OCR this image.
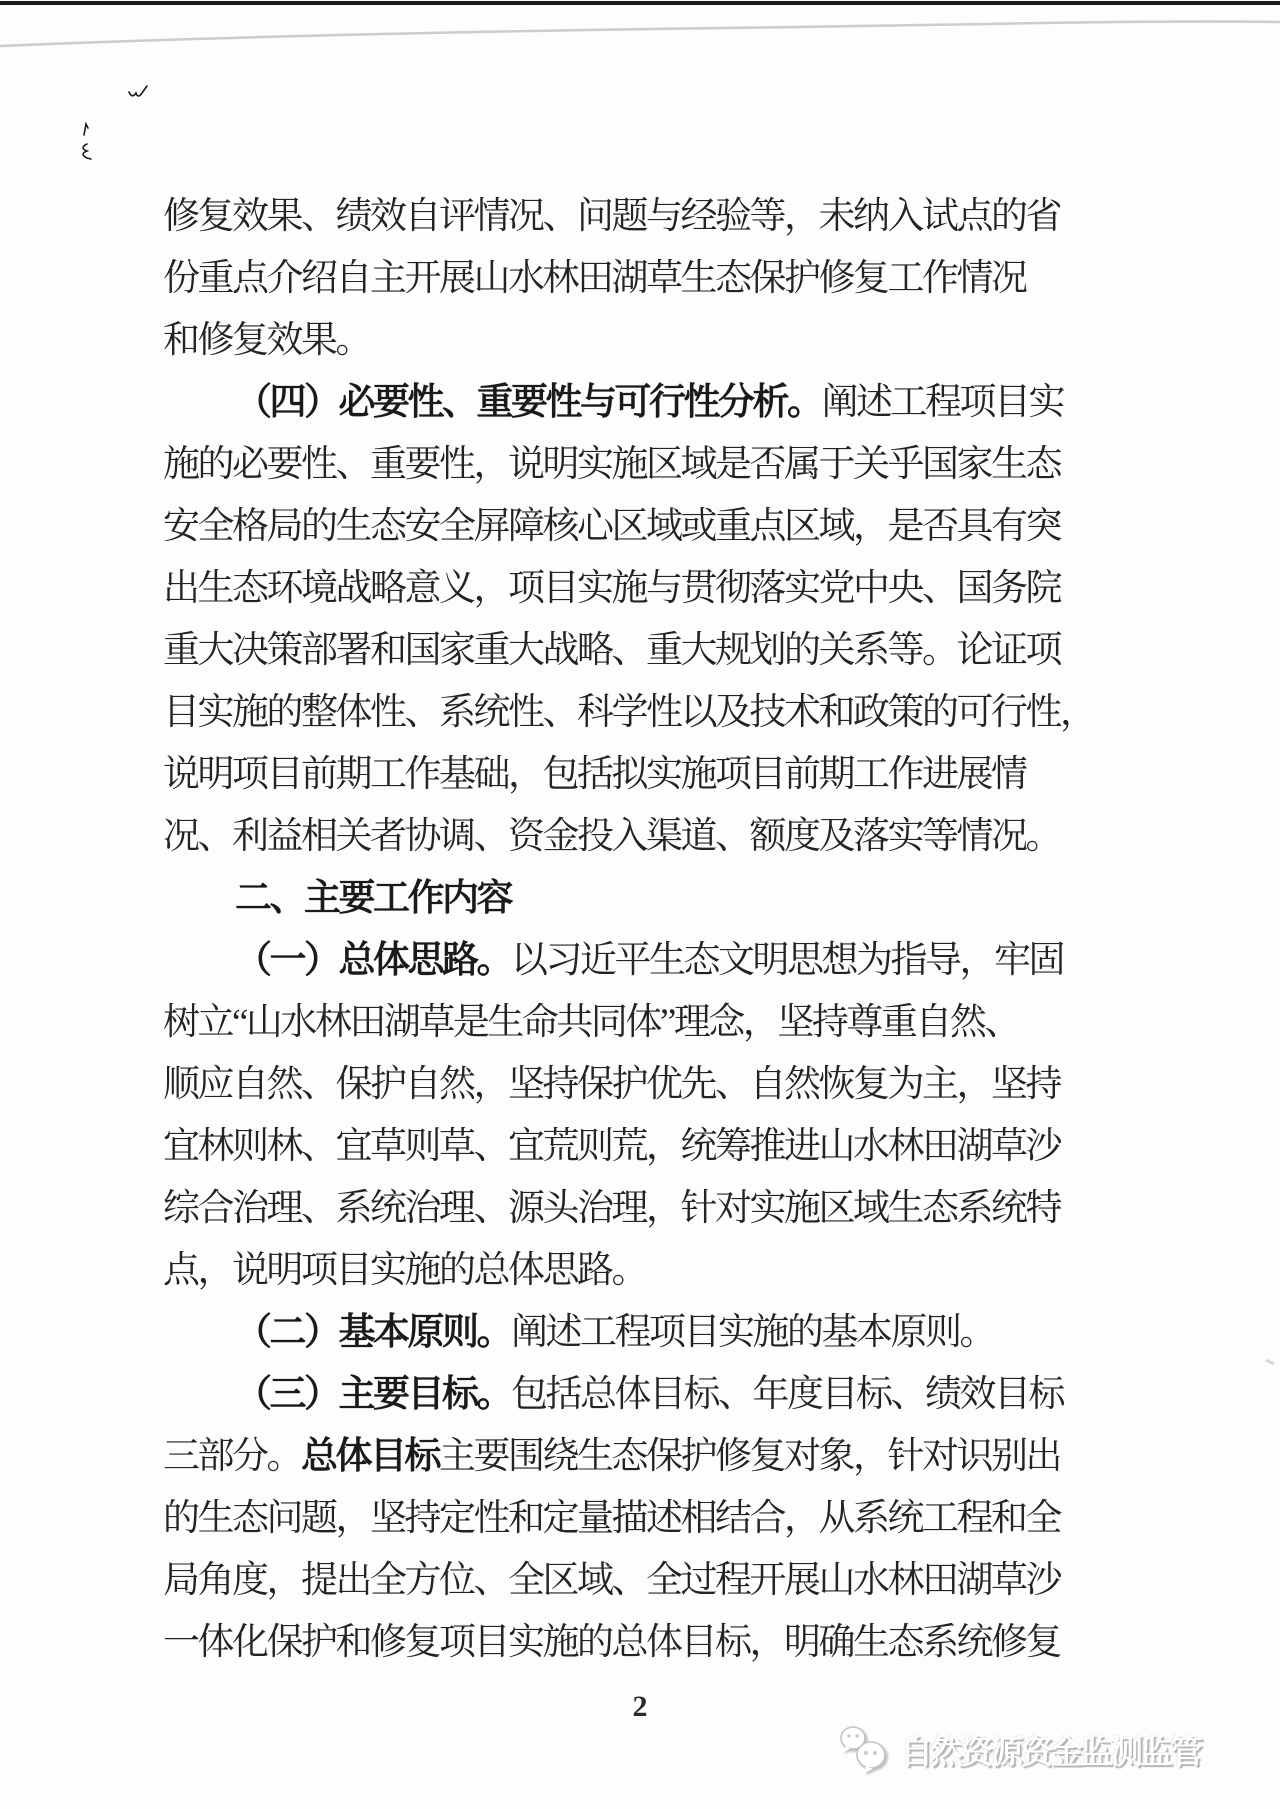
修复效果、绩效自评情况、问题与经验等，未纳入试点的省
份重点介绍自主开展山水林田湖草生态保护修复工作情况
和修复效果。
（四）必要性、重要性与可行性分析。阐述工程项目实
施的必要性、重要性，说明实施区域是否属于关乎国家生态
安全格局的生态安全屏障核心区域或重点区域，是否具有突
出生态环境战略意义，项目实施与贯彻落实党中央、国务院
重大决策部署和国家重大战略、重大规划的关系等。论证项
目实施的整体性、系统性、科学性以及技术和政策的可行性，
说明项目前期工作基础，包括拟实施项目前期工作进展情
况、利益相关者协调、资金投入渠道、额度及落实等情况。
二、主要工作内容
（一）总体思路。以习近平生态文明思想为指导，牢固
树立“山水林田湖草是生命共同体”理念，坚持尊重自然、
顺应自然、保护自然，坚持保护优先、自然恢复为主，坚持
宜林则林、宜草则草、宜荒则荒，统筹推进山水林田湖草沙
综合治理、系统治理、源头治理，针对实施区域生态系统特
点，说明项目实施的总体思路。
（二）基本原则。阐述工程项目实施的基本原则。
（三）主要目标。包括总体目标、年度目标、绩效目标
三部分。总体目标主要围绕生态保护修复对象，针对识别出
的生态问题，坚持定性和定量描述相结合，从系统工程和全
局角度，提出全方位、全区域、全过程开展山水林田湖草沙
一体化保护和修复项目实施的总体目标，明确生态系统修复
2
自然资源资金监测监管
